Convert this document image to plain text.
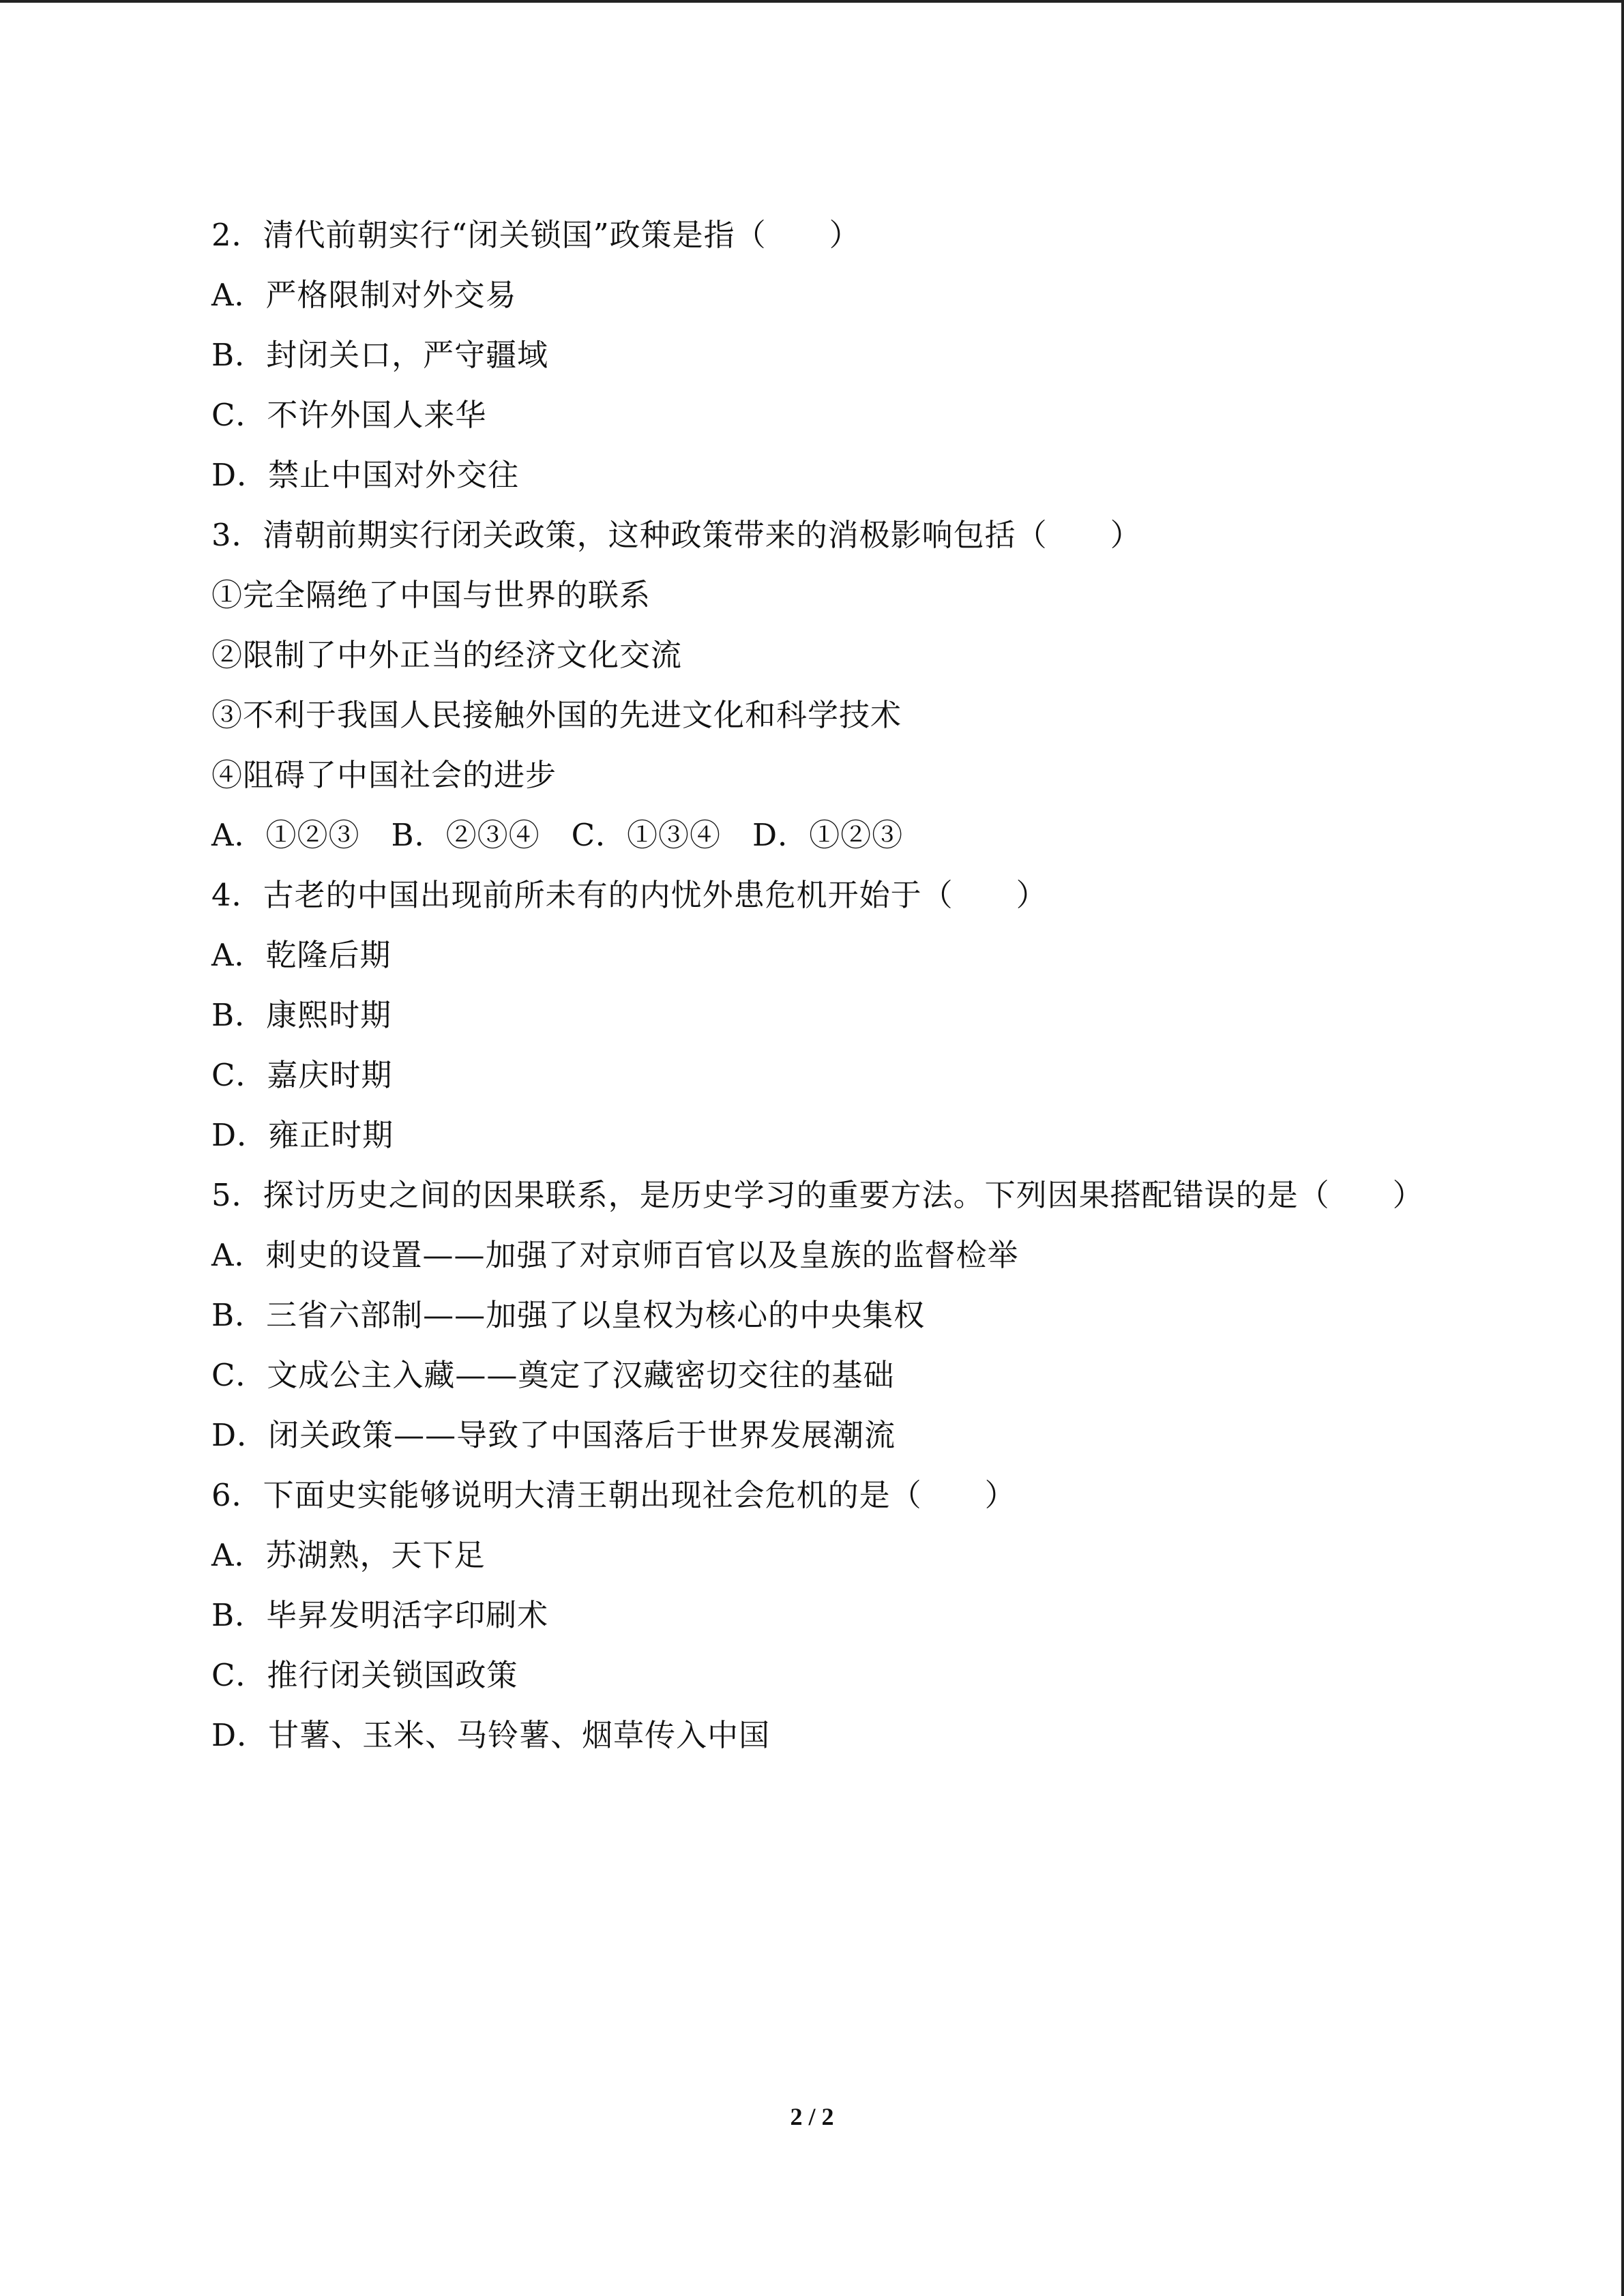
2．清代前朝实行“闭关锁国”政策是指（　　）
A．严格限制对外交易
B．封闭关口，严守疆域
C．不许外国人来华
D．禁止中国对外交往
3．清朝前期实行闭关政策，这种政策带来的消极影响包括（　　）
①完全隔绝了中国与世界的联系
②限制了中外正当的经济文化交流
③不利于我国人民接触外国的先进文化和科学技术
④阻碍了中国社会的进步
A．①②③　B．②③④　C．①③④　D．①②③
4．古老的中国出现前所未有的内忧外患危机开始于（　　）
A．乾隆后期
B．康熙时期
C．嘉庆时期
D．雍正时期
5．探讨历史之间的因果联系，是历史学习的重要方法。下列因果搭配错误的是（　　）
A．刺史的设置——加强了对京师百官以及皇族的监督检举
B．三省六部制——加强了以皇权为核心的中央集权
C．文成公主入藏——奠定了汉藏密切交往的基础
D．闭关政策——导致了中国落后于世界发展潮流
6．下面史实能够说明大清王朝出现社会危机的是（　　）
A．苏湖熟，天下足
B．毕昇发明活字印刷术
C．推行闭关锁国政策
D．甘薯、玉米、马铃薯、烟草传入中国
2 / 2
